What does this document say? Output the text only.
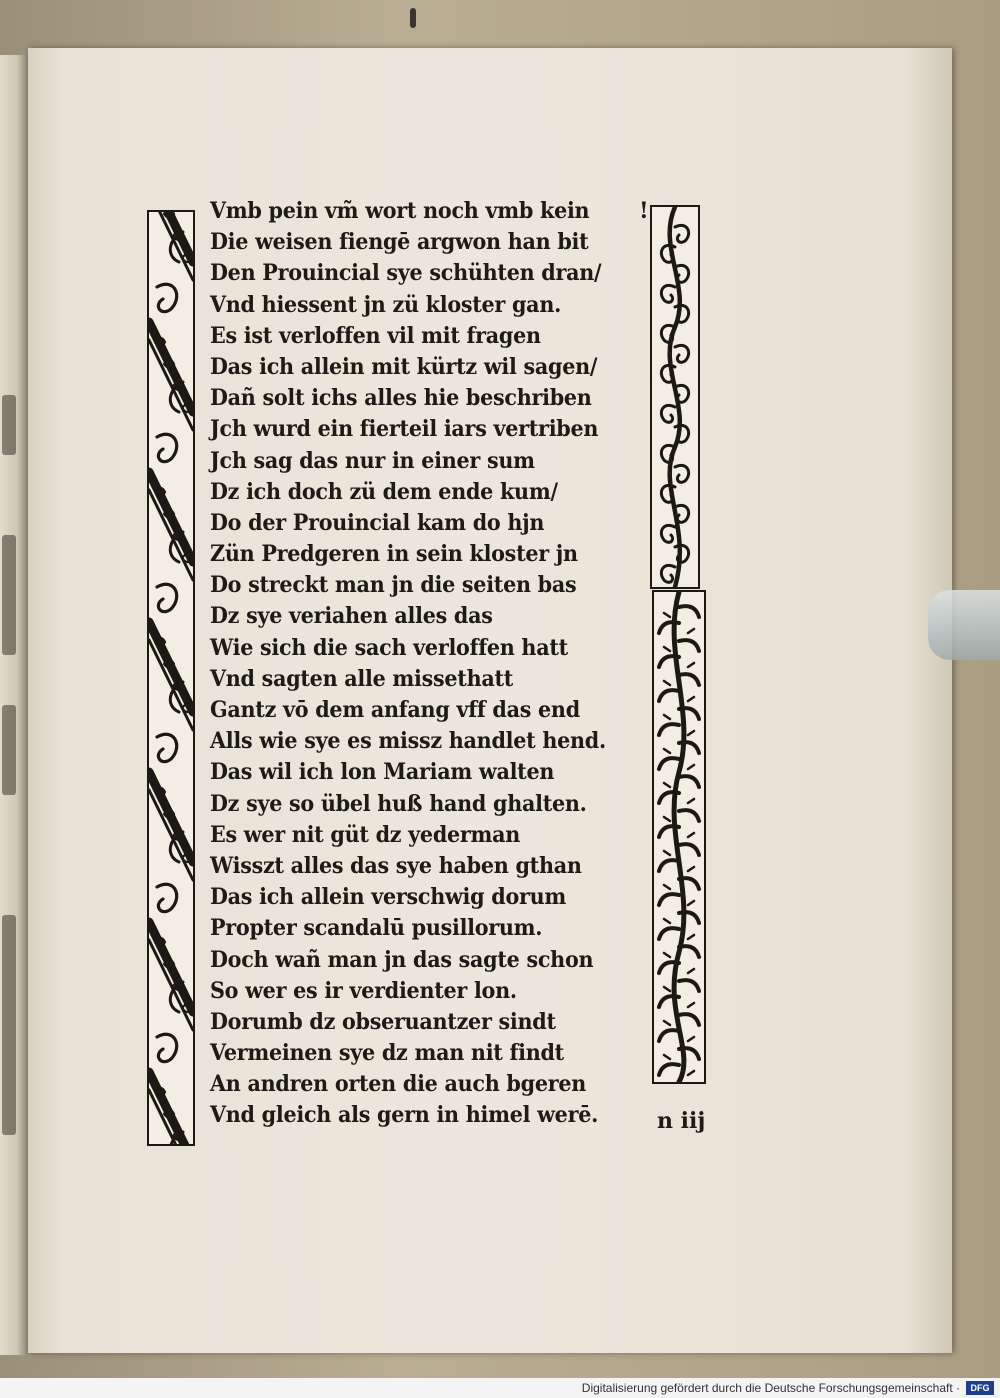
!
Vmb pein vm̃ wort noch vmb kein
Die weisen fiengē argwon han bit
Den Prouincial sye schühten dran/
Vnd hiessent jn zü kloster gan.
Es ist verloffen vil mit fragen
Das ich allein mit kürtz wil sagen/
Dañ solt ichs alles hie beschriben
Jch wurd ein fierteil iars vertriben
Jch sag das nur in einer sum
Dz ich doch zü dem ende kum/
Do der Prouincial kam do hjn
Zün Predgeren in sein kloster jn
Do streckt man jn die seiten bas
Dz sye veriahen alles das
Wie sich die sach verloffen hatt
Vnd sagten alle missethatt
Gantz vō dem anfang vff das end
Alls wie sye es missz handlet hend.
Das wil ich lon Mariam walten
Dz sye so übel huß hand ghalten.
Es wer nit güt dz yederman
Wisszt alles das sye haben gthan
Das ich allein verschwig dorum
Propter scandalū pusillorum.
Doch wañ man jn das sagte schon
So wer es ir verdienter lon.
Dorumb dz obseruantzer sindt
Vermeinen sye dz man nit findt
An andren orten die auch bgeren
Vnd gleich als gern in himel werē.	n iij
Digitalisierung gefördert durch die Deutsche Forschungsgemeinschaft ·	DFG
